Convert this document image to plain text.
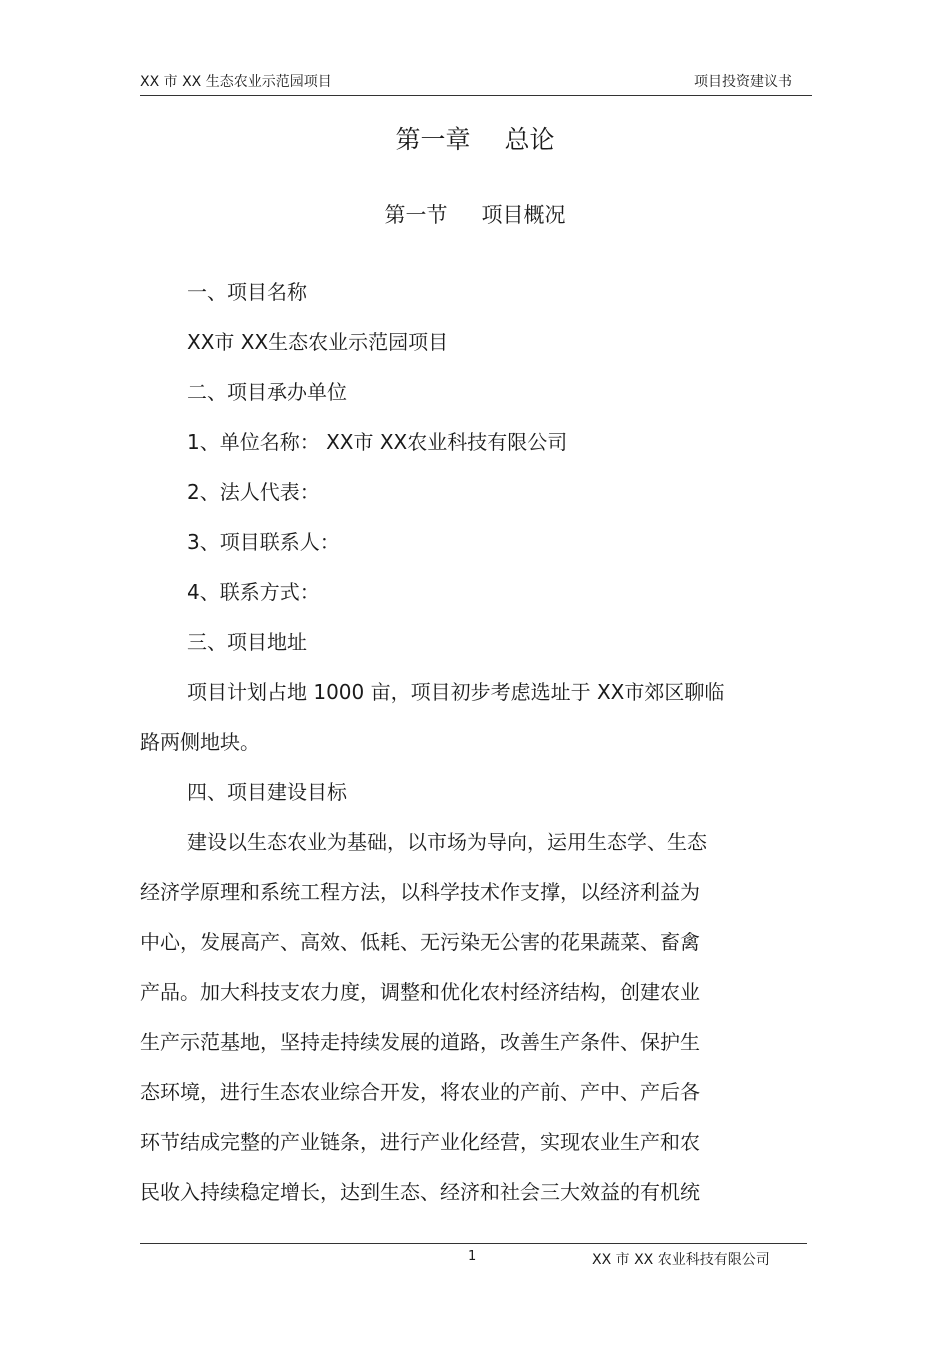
XX 市 XX 生态农业示范园项目	项目投资建议书
第一章 总论
第一节 项目概况
一、项目名称
XX市 XX生态农业示范园项目
二、项目承办单位
1、单位名称： XX市 XX农业科技有限公司
2、法人代表：
3、项目联系人：
4、联系方式：
三、项目地址
项目计划占地 1000 亩，项目初步考虑选址于 XX市郊区聊临
路两侧地块。
四、项目建设目标
建设以生态农业为基础，以市场为导向，运用生态学、生态
经济学原理和系统工程方法，以科学技术作支撑，以经济利益为
中心，发展高产、高效、低耗、无污染无公害的花果蔬菜、畜禽
产品。加大科技支农力度，调整和优化农村经济结构，创建农业
生产示范基地，坚持走持续发展的道路，改善生产条件、保护生
态环境，进行生态农业综合开发，将农业的产前、产中、产后各
环节结成完整的产业链条，进行产业化经营，实现农业生产和农
民收入持续稳定增长，达到生态、经济和社会三大效益的有机统
1	XX 市 XX 农业科技有限公司
